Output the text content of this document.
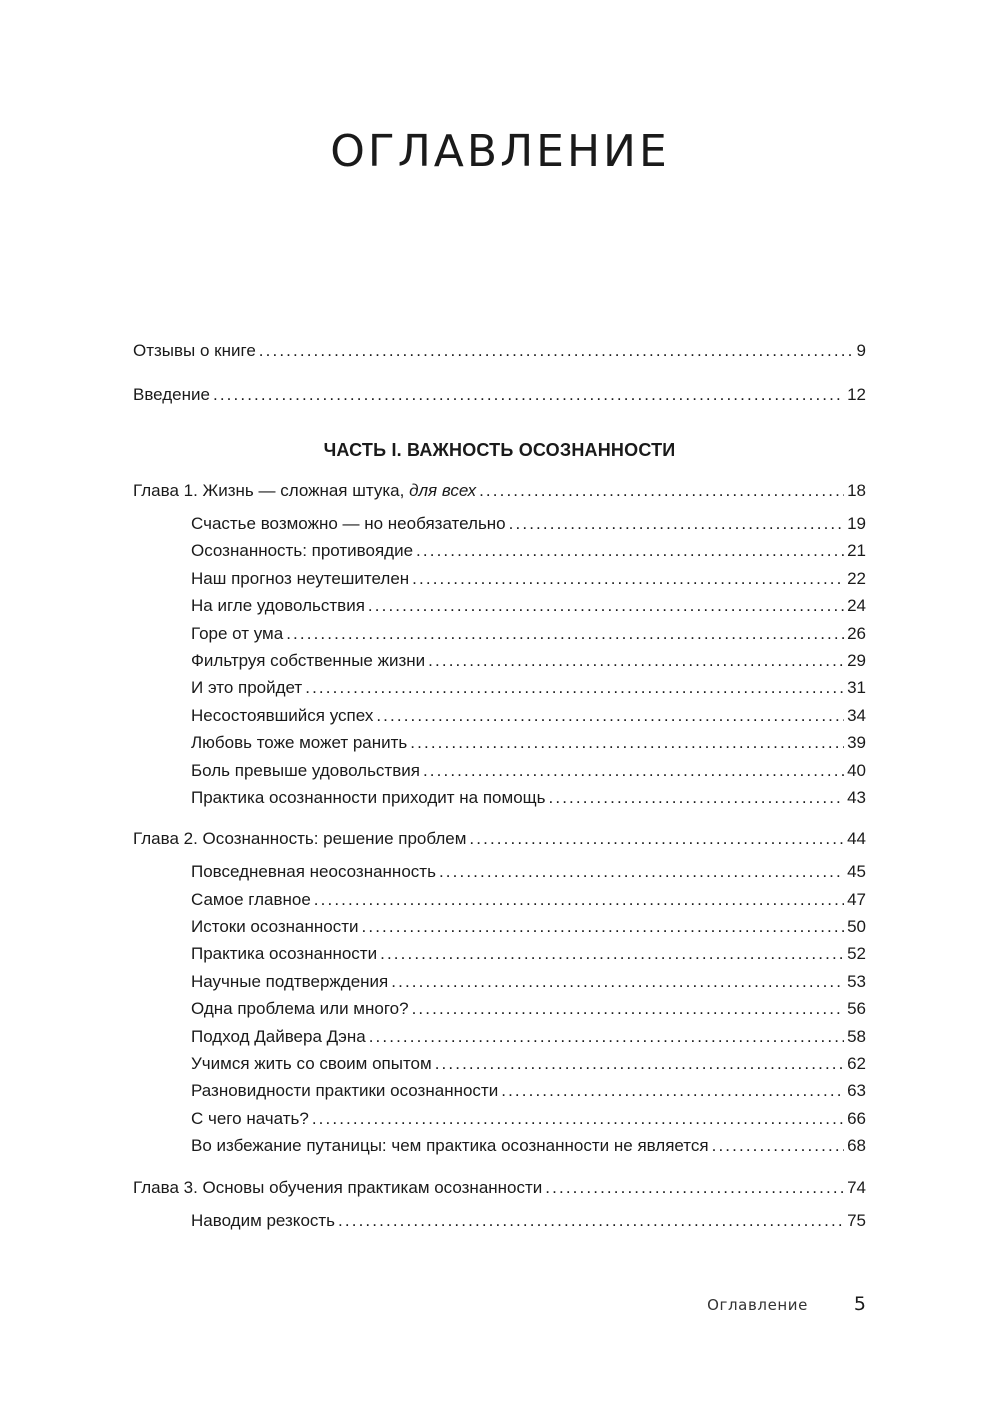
ОГЛАВЛЕНИЕ
Отзывы о книге . . .	9
Введение . . .	12
ЧАСТЬ I. ВАЖНОСТЬ ОСОЗНАННОСТИ
Глава 1. Жизнь — сложная штука, для всех . . .	18
Счастье возможно — но необязательно . . .	19
Осознанность: противоядие . . .	21
Наш прогноз неутешителен . . .	22
На игле удовольствия . . .	24
Горе от ума . . .	26
Фильтруя собственные жизни . . .	29
И это пройдет . . .	31
Несостоявшийся успех . . .	34
Любовь тоже может ранить . . .	39
Боль превыше удовольствия . . .	40
Практика осознанности приходит на помощь . . .	43
Глава 2. Осознанность: решение проблем . . .	44
Повседневная неосознанность . . .	45
Самое главное . . .	47
Истоки осознанности . . .	50
Практика осознанности . . .	52
Научные подтверждения . . .	53
Одна проблема или много? . . .	56
Подход Дайвера Дэна . . .	58
Учимся жить со своим опытом . . .	62
Разновидности практики осознанности . . .	63
С чего начать? . . .	66
Во избежание путаницы: чем практика осознанности не является . . .	68
Глава 3. Основы обучения практикам осознанности . . .	74
Наводим резкость . . .	75
Оглавление 5
